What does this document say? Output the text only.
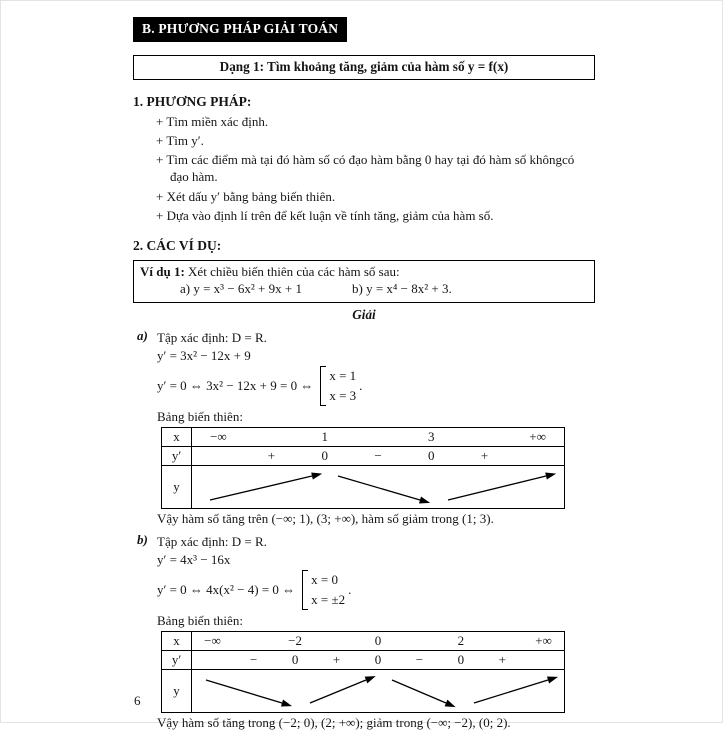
B. PHƯƠNG PHÁP GIẢI TOÁN
Dạng 1: Tìm khoảng tăng, giảm của hàm số y = f(x)
1. PHƯƠNG PHÁP:
+ Tìm miền xác định.
+ Tìm y′.
+ Tìm các điểm mà tại đó hàm số có đạo hàm bằng 0 hay tại đó hàm số khôngcó đạo hàm.
+ Xét dấu y′ bằng bảng biến thiên.
+ Dựa vào định lí trên để kết luận về tính tăng, giảm của hàm số.
2. CÁC VÍ DỤ:
Ví dụ 1: Xét chiều biến thiên của các hàm số sau:
a) y = x³ − 6x² + 9x + 1	b) y = x⁴ − 8x² + 3.
Giải
a) Tập xác định: D = R.
y′ = 3x² − 12x + 9
y′ = 0 ⇔ 3x² − 12x + 9 = 0 ⇔
x = 1
x = 3
.
Bảng biến thiên:
x	−∞		1		3		+∞
y′		+	0	−	0	+	
y	
Vậy hàm số tăng trên (−∞; 1), (3; +∞), hàm số giảm trong (1; 3).
b) Tập xác định: D = R.
y′ = 4x³ − 16x
y′ = 0 ⇔ 4x(x² − 4) = 0 ⇔
x = 0
x = ±2
.
Bảng biến thiên:
x	−∞		−2		0		2		+∞
y′		−	0	+	0	−	0	+	
y	
Vậy hàm số tăng trong (−2; 0), (2; +∞); giảm trong (−∞; −2), (0; 2).
6
